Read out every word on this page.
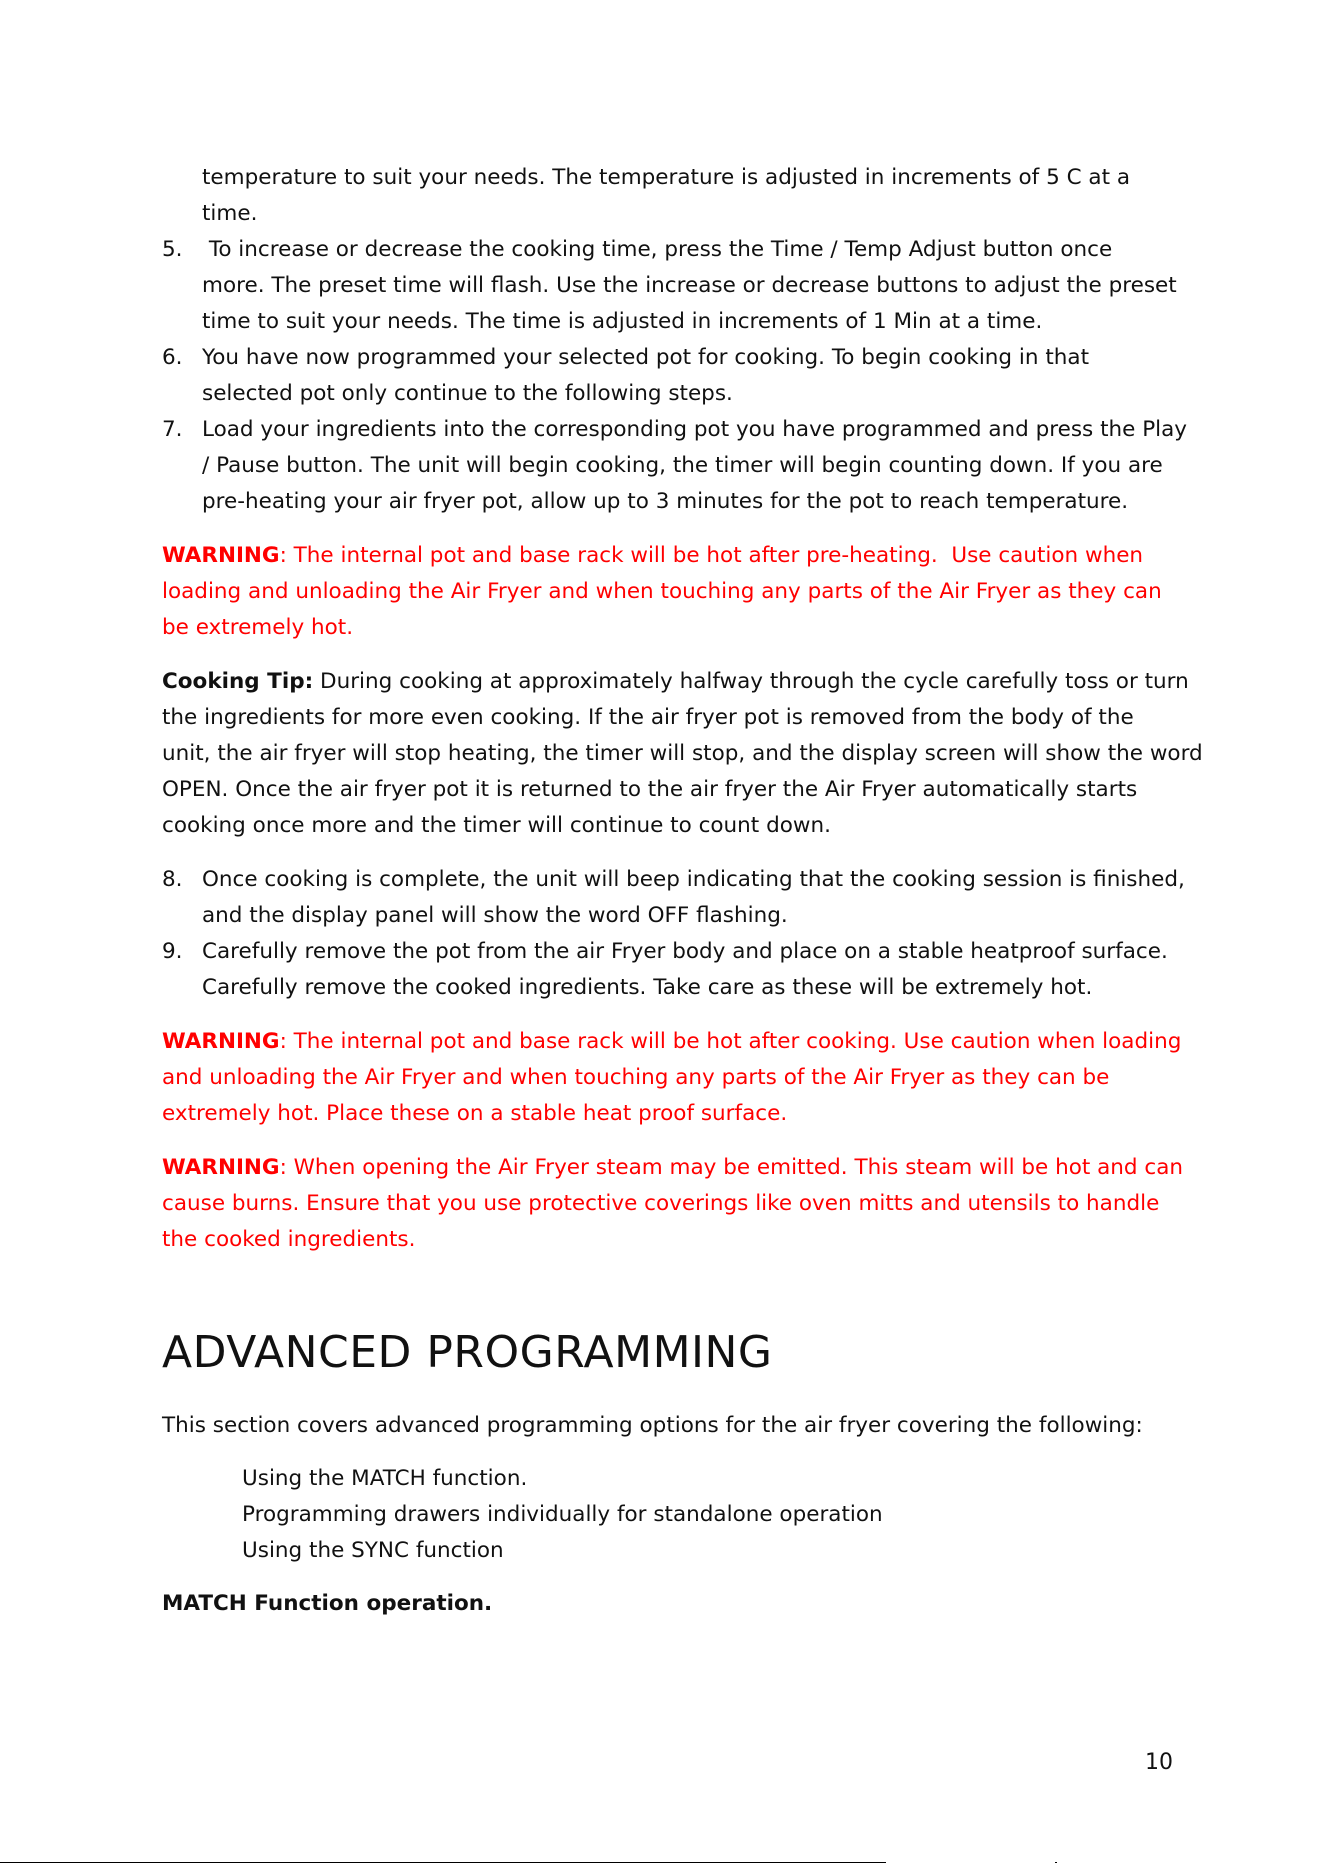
temperature to suit your needs. The temperature is adjusted in increments of 5 C at a
time.
5. To increase or decrease the cooking time, press the Time / Temp Adjust button once
more. The preset time will flash. Use the increase or decrease buttons to adjust the preset
time to suit your needs. The time is adjusted in increments of 1 Min at a time.
6. You have now programmed your selected pot for cooking. To begin cooking in that
selected pot only continue to the following steps.
7. Load your ingredients into the corresponding pot you have programmed and press the Play
/ Pause button. The unit will begin cooking, the timer will begin counting down. If you are
pre-heating your air fryer pot, allow up to 3 minutes for the pot to reach temperature.
WARNING: The internal pot and base rack will be hot after pre-heating.  Use caution when
loading and unloading the Air Fryer and when touching any parts of the Air Fryer as they can
be extremely hot.
Cooking Tip: During cooking at approximately halfway through the cycle carefully toss or turn
the ingredients for more even cooking. If the air fryer pot is removed from the body of the
unit, the air fryer will stop heating, the timer will stop, and the display screen will show the word
OPEN. Once the air fryer pot it is returned to the air fryer the Air Fryer automatically starts
cooking once more and the timer will continue to count down.
8. Once cooking is complete, the unit will beep indicating that the cooking session is finished,
and the display panel will show the word OFF flashing.
9. Carefully remove the pot from the air Fryer body and place on a stable heatproof surface.
Carefully remove the cooked ingredients. Take care as these will be extremely hot.
WARNING: The internal pot and base rack will be hot after cooking. Use caution when loading
and unloading the Air Fryer and when touching any parts of the Air Fryer as they can be
extremely hot. Place these on a stable heat proof surface.
WARNING: When opening the Air Fryer steam may be emitted. This steam will be hot and can
cause burns. Ensure that you use protective coverings like oven mitts and utensils to handle
the cooked ingredients.
ADVANCED PROGRAMMING
This section covers advanced programming options for the air fryer covering the following:
Using the MATCH function.
Programming drawers individually for standalone operation
Using the SYNC function
MATCH Function operation.
10
